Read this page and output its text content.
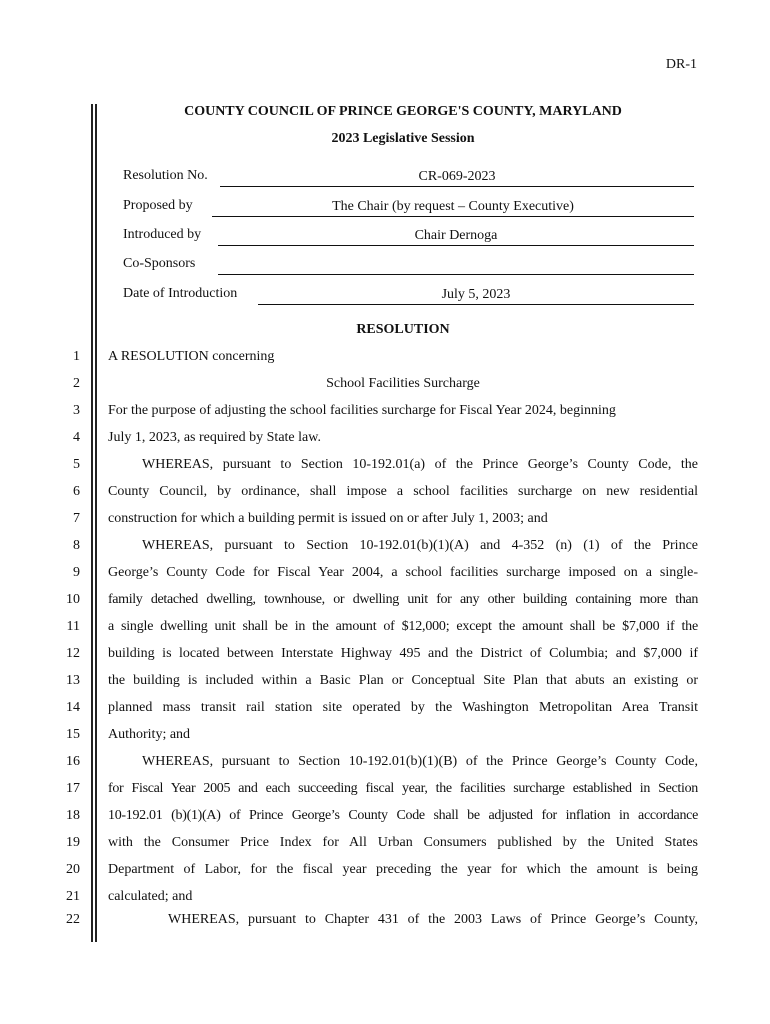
DR-1
COUNTY COUNCIL OF PRINCE GEORGE'S COUNTY, MARYLAND
2023 Legislative Session
Resolution No.	CR-069-2023
Proposed by	The Chair (by request – County Executive)
Introduced by	Chair Dernoga
Co-Sponsors
Date of Introduction	July 5, 2023
RESOLUTION
1 A RESOLUTION concerning
2	School Facilities Surcharge
3 For the purpose of adjusting the school facilities surcharge for Fiscal Year 2024, beginning
4 July 1, 2023, as required by State law.
5	WHEREAS, pursuant to Section 10-192.01(a) of the Prince George’s County Code, the
6 County Council, by ordinance, shall impose a school facilities surcharge on new residential
7 construction for which a building permit is issued on or after July 1, 2003; and
8	WHEREAS, pursuant to Section 10-192.01(b)(1)(A) and 4-352 (n) (1) of the Prince
9 George’s County Code for Fiscal Year 2004, a school facilities surcharge imposed on a single-
10 family detached dwelling, townhouse, or dwelling unit for any other building containing more than
11 a single dwelling unit shall be in the amount of $12,000; except the amount shall be $7,000 if the
12 building is located between Interstate Highway 495 and the District of Columbia; and $7,000 if
13 the building is included within a Basic Plan or Conceptual Site Plan that abuts an existing or
14 planned mass transit rail station site operated by the Washington Metropolitan Area Transit
15 Authority; and
16	WHEREAS, pursuant to Section 10-192.01(b)(1)(B) of the Prince George’s County Code,
17 for Fiscal Year 2005 and each succeeding fiscal year, the facilities surcharge established in Section
18 10-192.01 (b)(1)(A) of Prince George’s County Code shall be adjusted for inflation in accordance
19 with the Consumer Price Index for All Urban Consumers published by the United States
20 Department of Labor, for the fiscal year preceding the year for which the amount is being
21 calculated; and
22	WHEREAS, pursuant to Chapter 431 of the 2003 Laws of Prince George’s County,
